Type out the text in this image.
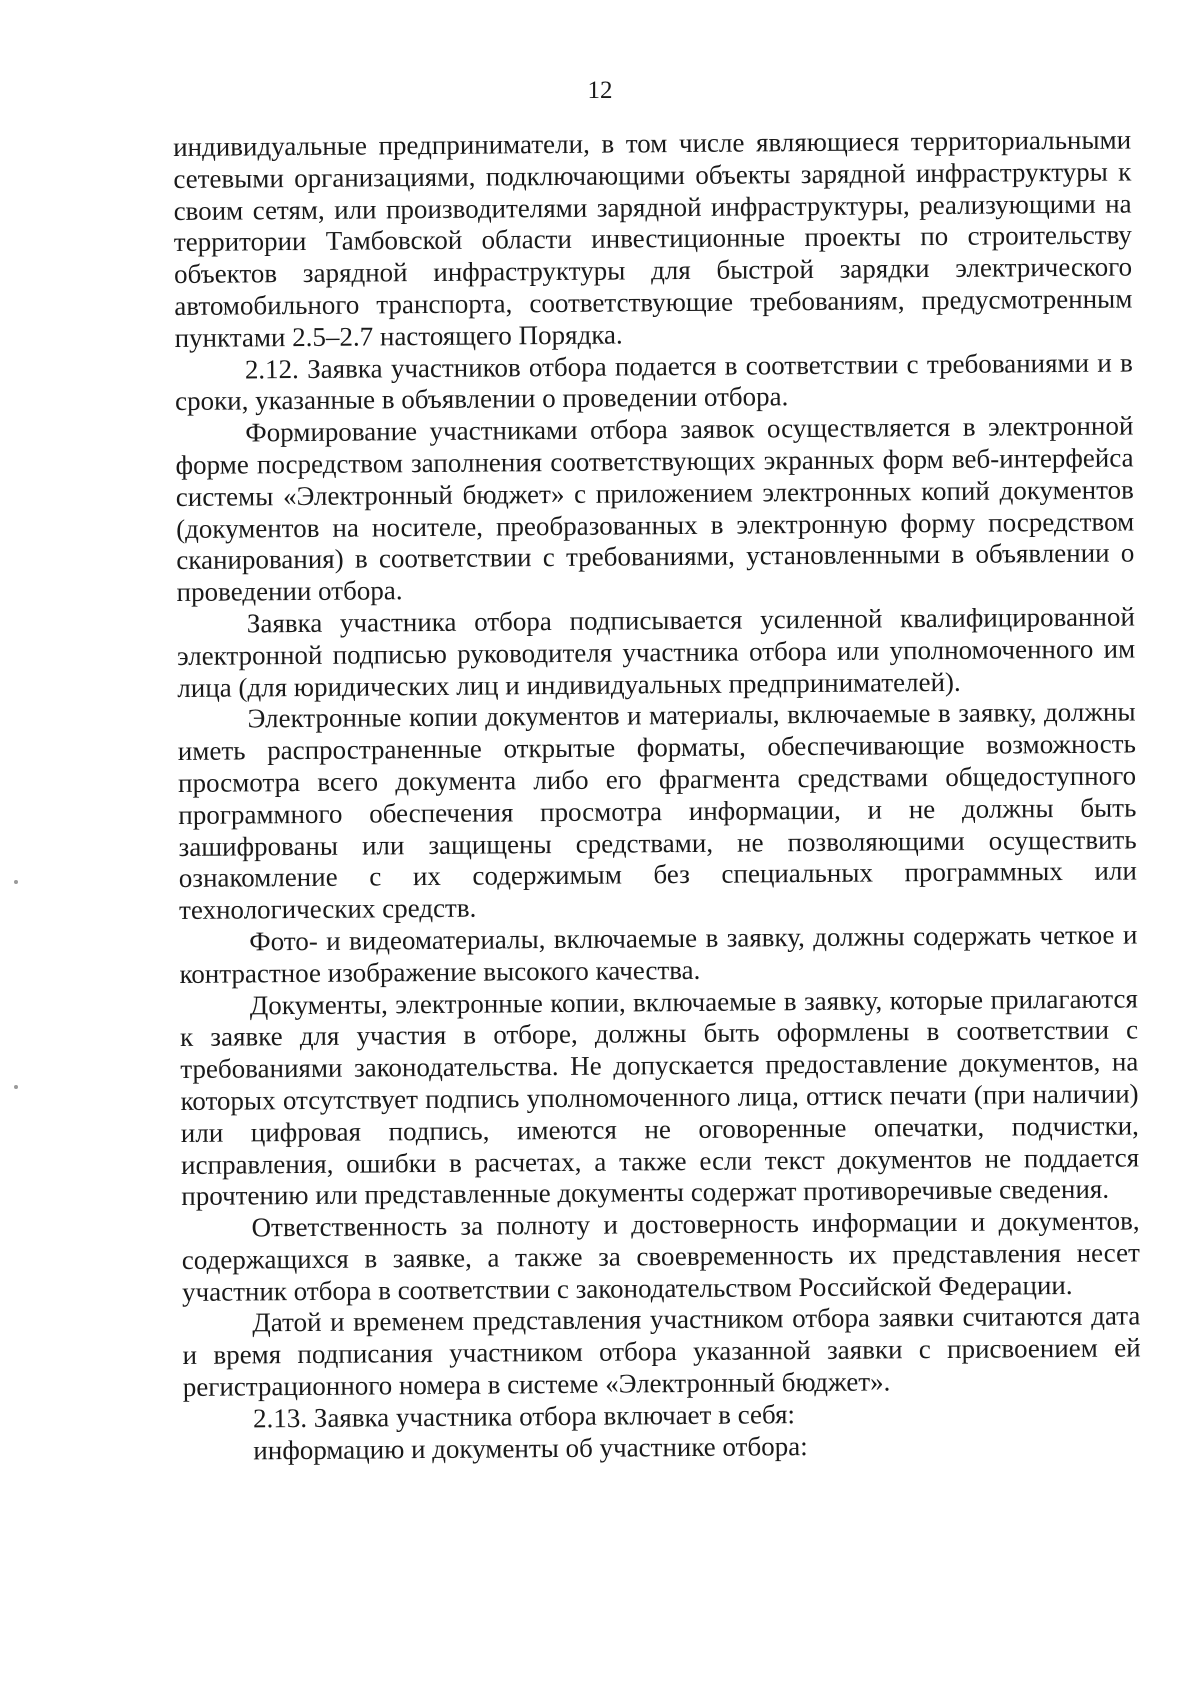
12

индивидуальные предприниматели, в том числе являющиеся территориальными сетевыми организациями, подключающими объекты зарядной инфраструктуры к своим сетям, или производителями зарядной инфраструктуры, реализующими на территории Тамбовской области инвестиционные проекты по строительству объектов зарядной инфраструктуры для быстрой зарядки электрического автомобильного транспорта, соответствующие требованиям, предусмотренным пунктами 2.5–2.7 настоящего Порядка.

2.12. Заявка участников отбора подается в соответствии с требованиями и в сроки, указанные в объявлении о проведении отбора.

Формирование участниками отбора заявок осуществляется в электронной форме посредством заполнения соответствующих экранных форм веб-интерфейса системы «Электронный бюджет» с приложением электронных копий документов (документов на носителе, преобразованных в электронную форму посредством сканирования) в соответствии с требованиями, установленными в объявлении о проведении отбора.

Заявка участника отбора подписывается усиленной квалифицированной электронной подписью руководителя участника отбора или уполномоченного им лица (для юридических лиц и индивидуальных предпринимателей).

Электронные копии документов и материалы, включаемые в заявку, должны иметь распространенные открытые форматы, обеспечивающие возможность просмотра всего документа либо его фрагмента средствами общедоступного программного обеспечения просмотра информации, и не должны быть зашифрованы или защищены средствами, не позволяющими осуществить ознакомление с их содержимым без специальных программных или технологических средств.

Фото- и видеоматериалы, включаемые в заявку, должны содержать четкое и контрастное изображение высокого качества.

Документы, электронные копии, включаемые в заявку, которые прилагаются к заявке для участия в отборе, должны быть оформлены в соответствии с требованиями законодательства. Не допускается предоставление документов, на которых отсутствует подпись уполномоченного лица, оттиск печати (при наличии) или цифровая подпись, имеются не оговоренные опечатки, подчистки, исправления, ошибки в расчетах, а также если текст документов не поддается прочтению или представленные документы содержат противоречивые сведения.

Ответственность за полноту и достоверность информации и документов, содержащихся в заявке, а также за своевременность их представления несет участник отбора в соответствии с законодательством Российской Федерации.

Датой и временем представления участником отбора заявки считаются дата и время подписания участником отбора указанной заявки с присвоением ей регистрационного номера в системе «Электронный бюджет».

2.13. Заявка участника отбора включает в себя:

информацию и документы об участнике отбора:
